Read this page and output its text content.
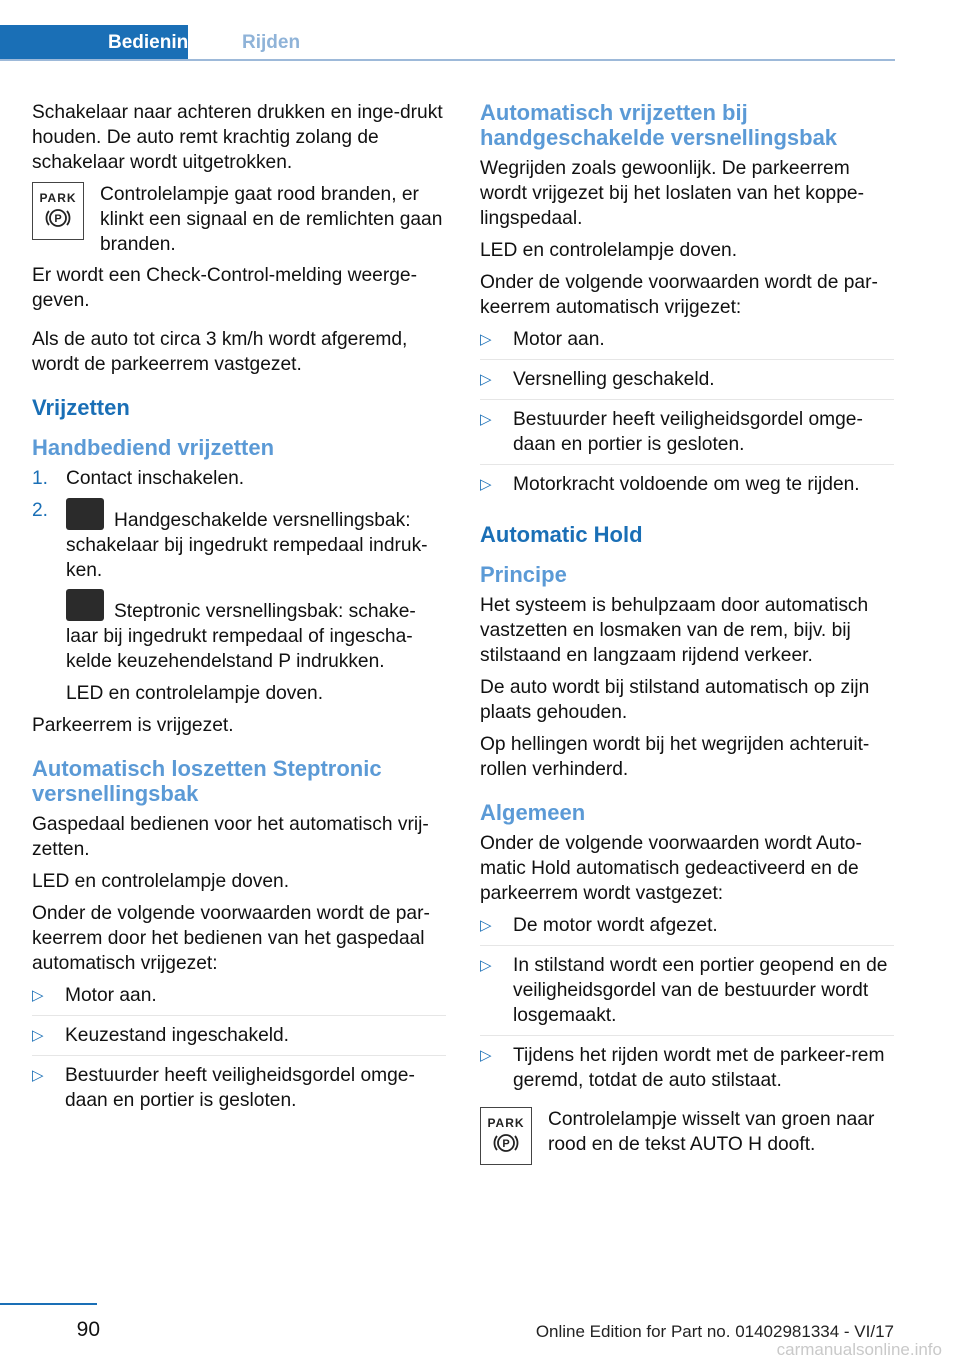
Bediening	Rijden

Schakelaar naar achteren drukken en inge-drukt houden. De auto remt krachtig zolang de schakelaar wordt uitgetrokken.

PARK
P
Controlelampje gaat rood branden, er klinkt een signaal en de remlichten gaan branden.

Er wordt een Check-Control-melding weerge-geven.

Als de auto tot circa 3 km/h wordt afgeremd, wordt de parkeerrem vastgezet.

Vrijzetten
Handbediend vrijzetten
1. Contact inschakelen.
2.	Handgeschakelde versnellingsbak: schakelaar bij ingedrukt rempedaal indruk-ken.
Steptronic versnellingsbak: schake-laar bij ingedrukt rempedaal of ingescha-kelde keuzehendelstand P indrukken.
LED en controlelampje doven.

Parkeerrem is vrijgezet.

Automatisch loszetten Steptronic versnellingsbak

Gaspedaal bedienen voor het automatisch vrij-zetten.

LED en controlelampje doven.

Onder de volgende voorwaarden wordt de par-keerrem door het bedienen van het gaspedaal automatisch vrijgezet:

▷ Motor aan.
▷ Keuzestand ingeschakeld.
▷ Bestuurder heeft veiligheidsgordel omge-daan en portier is gesloten.
Automatisch vrijzetten bij handgeschakelde versnellingsbak

Wegrijden zoals gewoonlijk. De parkeerrem wordt vrijgezet bij het loslaten van het koppe-lingspedaal.

LED en controlelampje doven.

Onder de volgende voorwaarden wordt de par-keerrem automatisch vrijgezet:

▷ Motor aan.
▷ Versnelling geschakeld.
▷ Bestuurder heeft veiligheidsgordel omge-daan en portier is gesloten.
▷ Motorkracht voldoende om weg te rijden.
Automatic Hold
Principe

Het systeem is behulpzaam door automatisch vastzetten en losmaken van de rem, bijv. bij stilstaand en langzaam rijdend verkeer.

De auto wordt bij stilstand automatisch op zijn plaats gehouden.

Op hellingen wordt bij het wegrijden achteruit-rollen verhinderd.

Algemeen

Onder de volgende voorwaarden wordt Auto-matic Hold automatisch gedeactiveerd en de parkeerrem wordt vastgezet:

▷ De motor wordt afgezet.
▷ In stilstand wordt een portier geopend en de veiligheidsgordel van de bestuurder wordt losgemaakt.
▷ Tijdens het rijden wordt met de parkeer-rem geremd, totdat de auto stilstaat.
PARK
P
Controlelampje wisselt van groen naar rood en de tekst AUTO H dooft.
90	Online Edition for Part no. 01402981334 - VI/17
carmanualsonline.info
